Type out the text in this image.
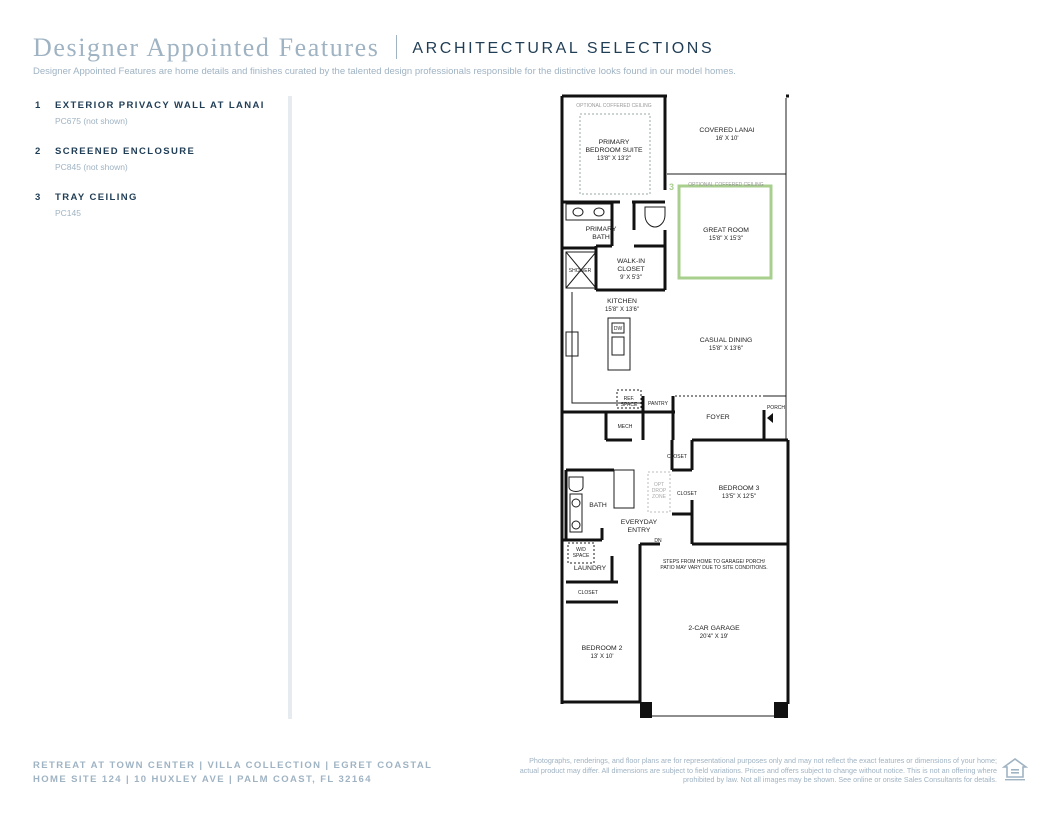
Designer Appointed Features ARCHITECTURAL SELECTIONS
Designer Appointed Features are home details and finishes curated by the talented design professionals responsible for the distinctive looks found in our model homes.
1 EXTERIOR PRIVACY WALL AT LANAI
PC675 (not shown)
2 SCREENED ENCLOSURE
PC845 (not shown)
3 TRAY CEILING
PC145
3
OPTIONAL COFFERED CEILING
OPTIONAL COFFERED CEILING
PRIMARY
BEDROOM SUITE
13'8" X 13'2"
COVERED LANAI
16' X 10'
GREAT ROOM
15'8" X 15'3"
PRIMARY
BATH
WALK-IN
CLOSET
9' X 5'3"
SHOWER
KITCHEN
15'8" X 13'6"
DW
CASUAL DINING
15'8" X 13'6"
REF.
SPACE PANTRY
FOYER
PORCH
MECH
CLOSET
CLOSET
CLOSET
BEDROOM 3
13'5" X 12'5"
OPT
DROP
ZONE
BATH
EVERYDAY
ENTRY
DN
W/D
SPACE
LAUNDRY
STEPS FROM HOME TO GARAGE/ PORCH/
PATIO MAY VARY DUE TO SITE CONDITIONS.
2-CAR GARAGE
20'4" X 19'
BEDROOM 2
13' X 10'
RETREAT AT TOWN CENTER | VILLA COLLECTION | EGRET COASTAL
HOME SITE 124 | 10 HUXLEY AVE | PALM COAST, FL 32164
Photographs, renderings, and floor plans are for representational purposes only and may not reflect the exact features or dimensions of your home; actual product may differ. All dimensions are subject to field variations. Prices and offers subject to change without notice. This is not an offering where prohibited by law. Not all images may be shown. See online or onsite Sales Consultants for details.
